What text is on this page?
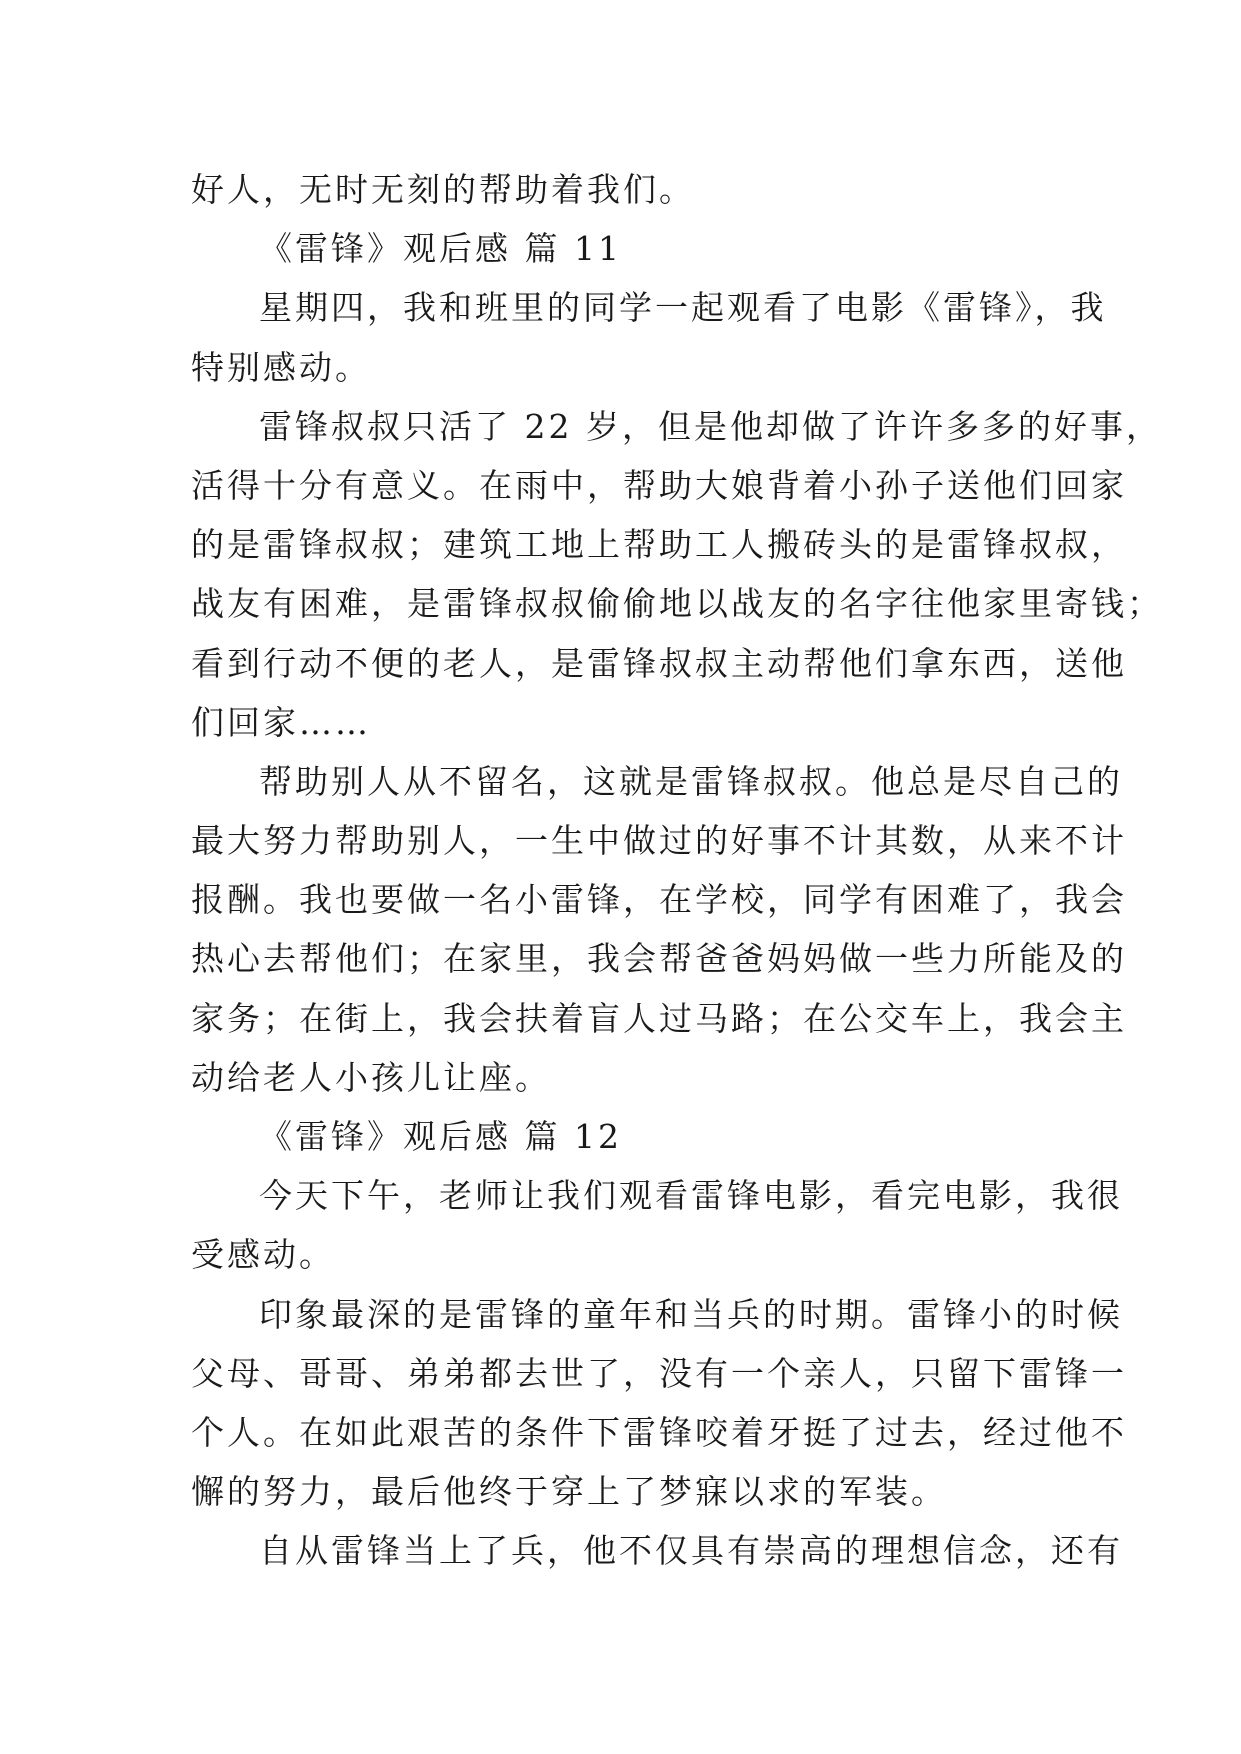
好人，无时无刻的帮助着我们。
《雷锋》观后感 篇 11
星期四，我和班里的同学一起观看了电影《雷锋》，我
特别感动。
雷锋叔叔只活了 22 岁，但是他却做了许许多多的好事，
活得十分有意义。在雨中，帮助大娘背着小孙子送他们回家
的是雷锋叔叔；建筑工地上帮助工人搬砖头的是雷锋叔叔，
战友有困难，是雷锋叔叔偷偷地以战友的名字往他家里寄钱；
看到行动不便的老人，是雷锋叔叔主动帮他们拿东西，送他
们回家……
帮助别人从不留名，这就是雷锋叔叔。他总是尽自己的
最大努力帮助别人，一生中做过的好事不计其数，从来不计
报酬。我也要做一名小雷锋，在学校，同学有困难了，我会
热心去帮他们；在家里，我会帮爸爸妈妈做一些力所能及的
家务；在街上，我会扶着盲人过马路；在公交车上，我会主
动给老人小孩儿让座。
《雷锋》观后感 篇 12
今天下午，老师让我们观看雷锋电影，看完电影，我很
受感动。
印象最深的是雷锋的童年和当兵的时期。雷锋小的时候
父母、哥哥、弟弟都去世了，没有一个亲人，只留下雷锋一
个人。在如此艰苦的条件下雷锋咬着牙挺了过去，经过他不
懈的努力，最后他终于穿上了梦寐以求的军装。
自从雷锋当上了兵，他不仅具有崇高的理想信念，还有
